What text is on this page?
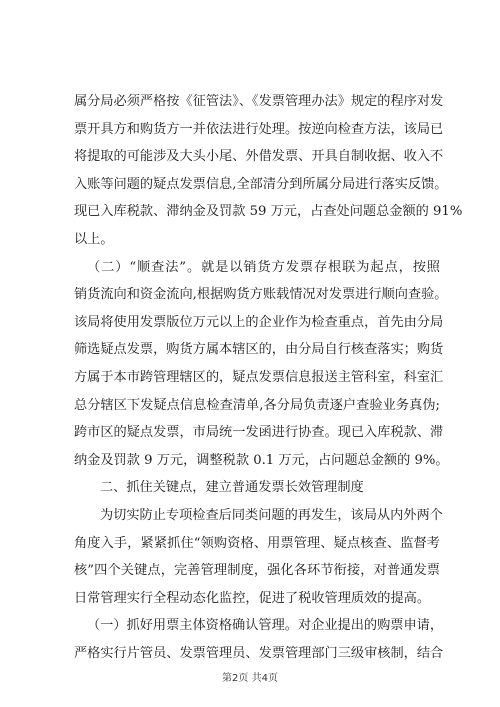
属分局必须严格按《征管法》、《发票管理办法》规定的程序对发
票开具方和购货方一并依法进行处理。按逆向检查方法，该局已
将提取的可能涉及大头小尾、外借发票、开具自制收据、收入不
入账等问题的疑点发票信息,全部清分到所属分局进行落实反馈。
现已入库税款、滞纳金及罚款 59 万元，占查处问题总金额的 91%
以上。
（二）“顺查法”。就是以销货方发票存根联为起点，按照
销货流向和资金流向,根据购货方账载情况对发票进行顺向查验。
该局将使用发票版位万元以上的企业作为检查重点，首先由分局
筛选疑点发票，购货方属本辖区的，由分局自行核查落实；购货
方属于本市跨管理辖区的，疑点发票信息报送主管科室，科室汇
总分辖区下发疑点信息检查清单,各分局负责逐户查验业务真伪;
跨市区的疑点发票，市局统一发函进行协查。现已入库税款、滞
纳金及罚款 9 万元，调整税款 0.1 万元，占问题总金额的 9%。
二、抓住关键点，建立普通发票长效管理制度
为切实防止专项检查后同类问题的再发生，该局从内外两个
角度入手，紧紧抓住“领购资格、用票管理、疑点核查、监督考
核”四个关键点，完善管理制度，强化各环节衔接，对普通发票
日常管理实行全程动态化监控，促进了税收管理质效的提高。
（一）抓好用票主体资格确认管理。对企业提出的购票申请，
严格实行片管员、发票管理员、发票管理部门三级审核制，结合
第2页 共4页
